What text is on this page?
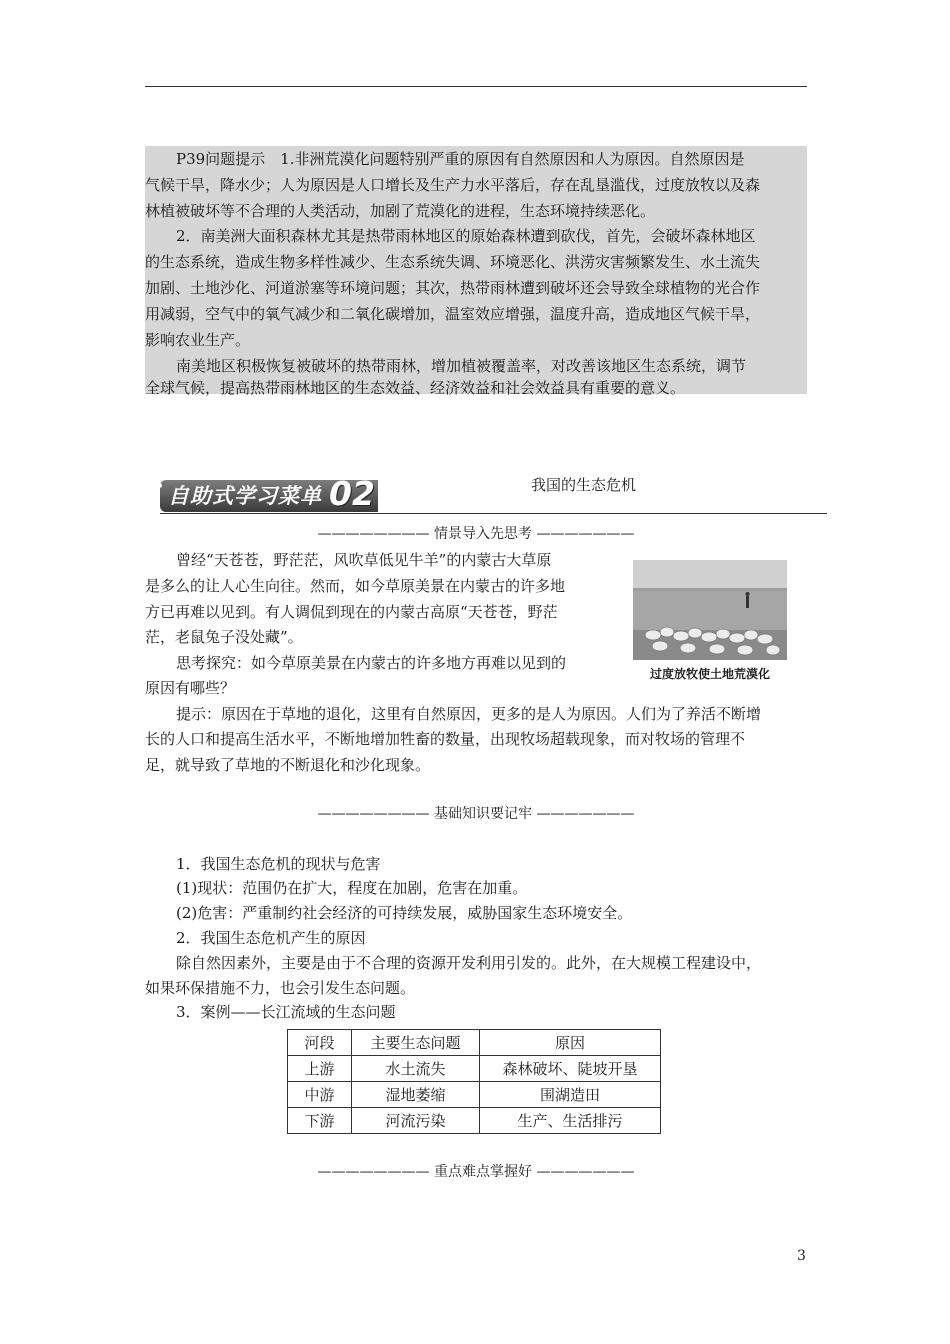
P39问题提示　1.非洲荒漠化问题特别严重的原因有自然原因和人为原因。自然原因是

气候干旱，降水少；人为原因是人口增长及生产力水平落后，存在乱垦滥伐，过度放牧以及森

林植被破坏等不合理的人类活动，加剧了荒漠化的进程，生态环境持续恶化。

2．南美洲大面积森林尤其是热带雨林地区的原始森林遭到砍伐，首先，会破坏森林地区

的生态系统，造成生物多样性减少、生态系统失调、环境恶化、洪涝灾害频繁发生、水土流失

加剧、土地沙化、河道淤塞等环境问题；其次，热带雨林遭到破坏还会导致全球植物的光合作

用减弱，空气中的氧气减少和二氧化碳增加，温室效应增强，温度升高，造成地区气候干旱，

影响农业生产。

南美地区积极恢复被破坏的热带雨林，增加植被覆盖率，对改善该地区生态系统，调节

全球气候，提高热带雨林地区的生态效益、经济效益和社会效益具有重要的意义。

自助式学习菜单 02	我国的生态危机
———————— 情景导入先思考 ———————

曾经“天苍苍，野茫茫，风吹草低见牛羊”的内蒙古大草原

是多么的让人心生向往。然而，如今草原美景在内蒙古的许多地

方已再难以见到。有人调侃到现在的内蒙古高原“天苍苍，野茫

茫，老鼠兔子没处藏”。

思考探究：如今草原美景在内蒙古的许多地方再难以见到的

原因有哪些？

过度放牧使土地荒漠化

提示：原因在于草地的退化，这里有自然原因，更多的是人为原因。人们为了养活不断增

长的人口和提高生活水平，不断地增加牲畜的数量，出现牧场超载现象，而对牧场的管理不

足，就导致了草地的不断退化和沙化现象。

———————— 基础知识要记牢 ———————

1．我国生态危机的现状与危害

(1)现状：范围仍在扩大，程度在加剧，危害在加重。

(2)危害：严重制约社会经济的可持续发展，威胁国家生态环境安全。

2．我国生态危机产生的原因

除自然因素外，主要是由于不合理的资源开发利用引发的。此外，在大规模工程建设中，

如果环保措施不力，也会引发生态问题。

3．案例——长江流域的生态问题

河段	主要生态问题	原因
上游	水土流失	森林破坏、陡坡开垦
中游	湿地萎缩	围湖造田
下游	河流污染	生产、生活排污
———————— 重点难点掌握好 ———————
3
